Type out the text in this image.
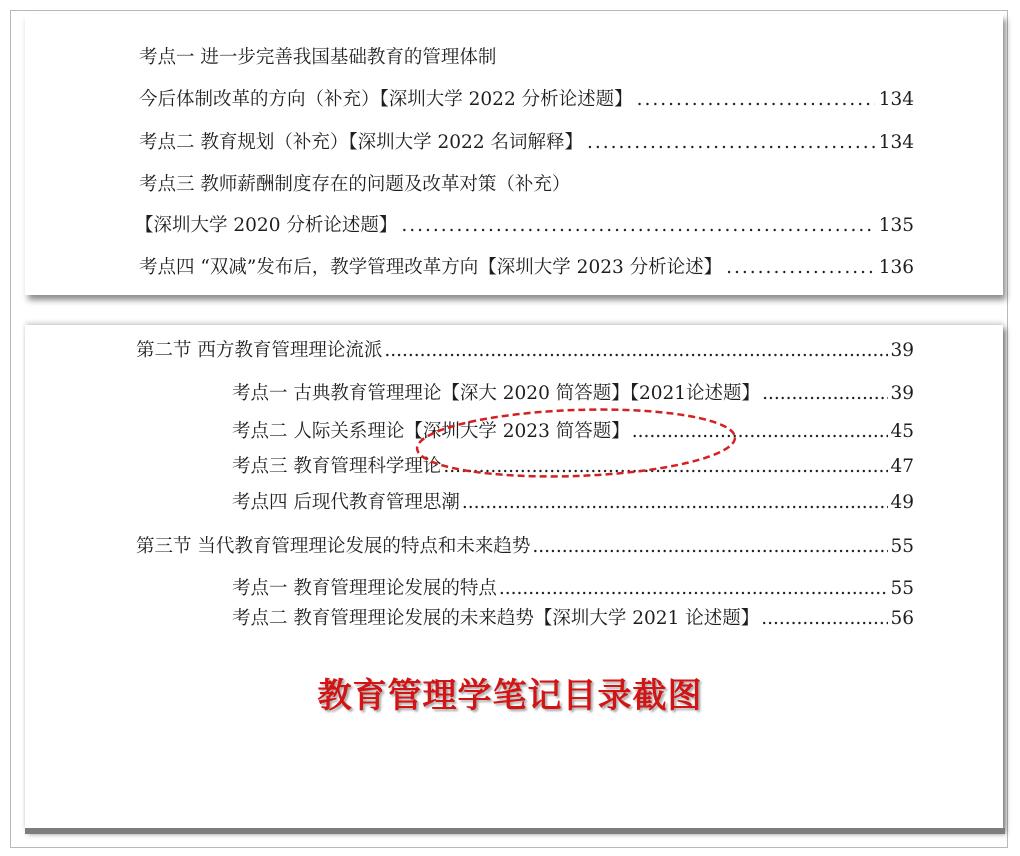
考点一 进一步完善我国基础教育的管理体制
今后体制改革的方向（补充）【深圳大学 2022 分析论述题】 .....	134
考点二 教育规划（补充）【深圳大学 2022 名词解释】 .....	134
考点三 教师薪酬制度存在的问题及改革对策（补充）
【深圳大学 2020 分析论述题】 .....	135
考点四 “双减”发布后，教学管理改革方向【深圳大学 2023 分析论述】 .....	136
第二节 西方教育管理理论流派 .....	39
考点一 古典教育管理理论【深大 2020 简答题】【2021论述题】 .....	39
考点二 人际关系理论【深圳大学 2023 简答题】 .....	45
考点三 教育管理科学理论 .....	47
考点四 后现代教育管理思潮 .....	49
第三节 当代教育管理理论发展的特点和未来趋势 .....	55
考点一 教育管理理论发展的特点 .....	55
考点二 教育管理理论发展的未来趋势【深圳大学 2021 论述题】 .....	56
教育管理学笔记目录截图
